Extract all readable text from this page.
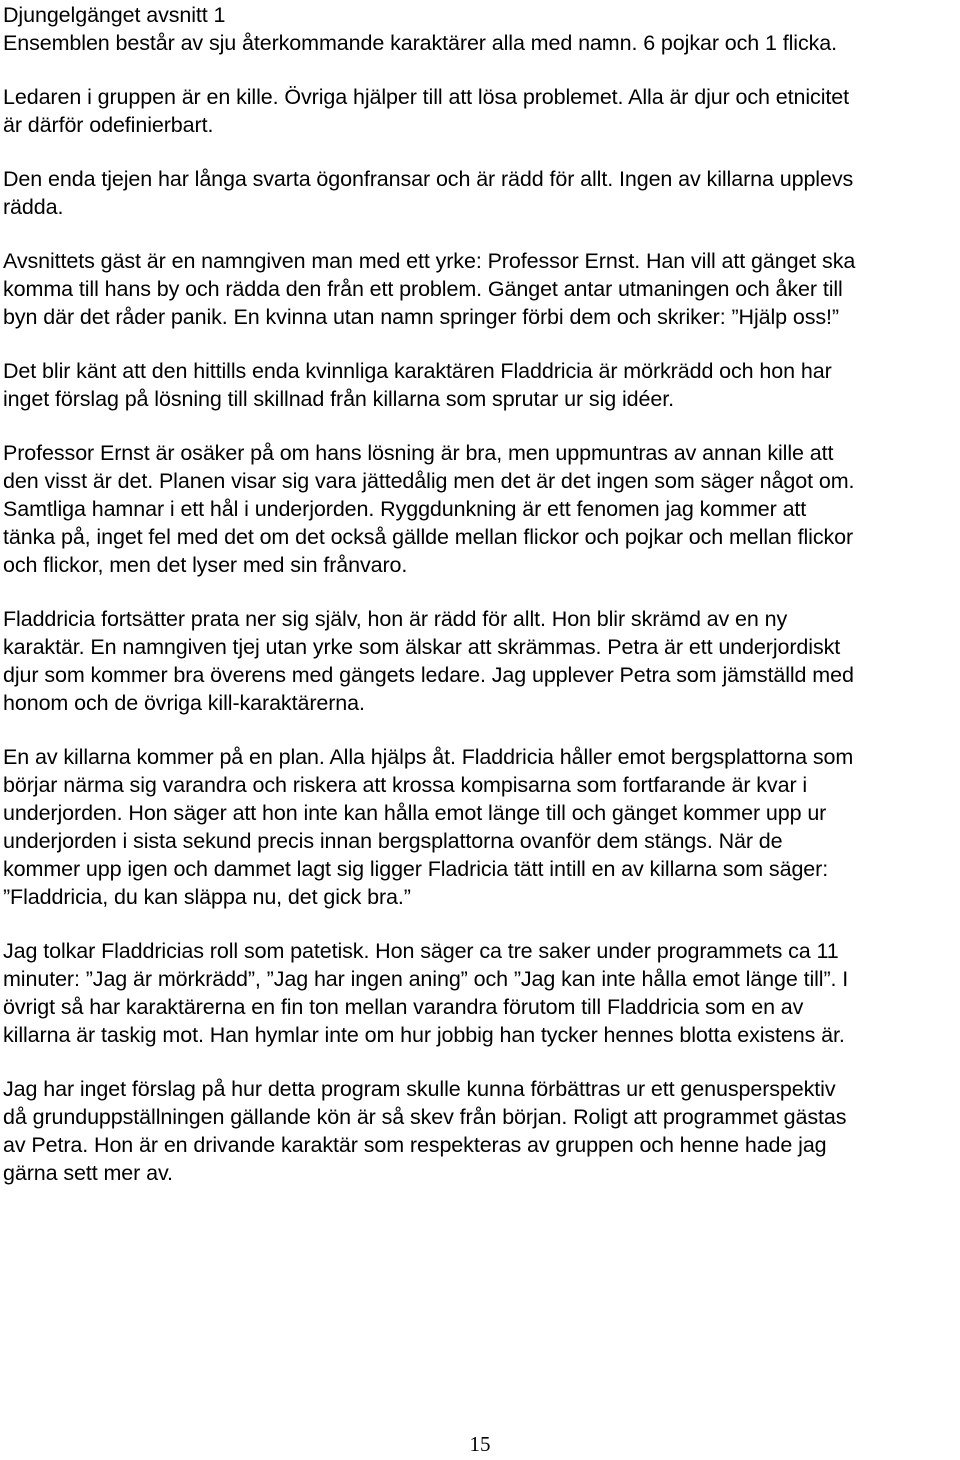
Djungelgänget avsnitt 1
Ensemblen består av sju återkommande karaktärer alla med namn. 6 pojkar och 1 flicka.

Ledaren i gruppen är en kille. Övriga hjälper till att lösa problemet. Alla är djur och etnicitet
är därför odefinierbart.

Den enda tjejen har långa svarta ögonfransar och är rädd för allt. Ingen av killarna upplevs
rädda.

Avsnittets gäst är en namngiven man med ett yrke: Professor Ernst. Han vill att gänget ska
komma till hans by och rädda den från ett problem. Gänget antar utmaningen och åker till
byn där det råder panik. En kvinna utan namn springer förbi dem och skriker: ”Hjälp oss!”

Det blir känt att den hittills enda kvinnliga karaktären Fladdricia är mörkrädd och hon har
inget förslag på lösning till skillnad från killarna som sprutar ur sig idéer.

Professor Ernst är osäker på om hans lösning är bra, men uppmuntras av annan kille att
den visst är det. Planen visar sig vara jättedålig men det är det ingen som säger något om.
Samtliga hamnar i ett hål i underjorden. Ryggdunkning är ett fenomen jag kommer att
tänka på, inget fel med det om det också gällde mellan flickor och pojkar och mellan flickor
och flickor, men det lyser med sin frånvaro.

Fladdricia fortsätter prata ner sig själv, hon är rädd för allt. Hon blir skrämd av en ny
karaktär. En namngiven tjej utan yrke som älskar att skrämmas. Petra är ett underjordiskt
djur som kommer bra överens med gängets ledare. Jag upplever Petra som jämställd med
honom och de övriga kill-karaktärerna.

En av killarna kommer på en plan. Alla hjälps åt. Fladdricia håller emot bergsplattorna som
börjar närma sig varandra och riskera att krossa kompisarna som fortfarande är kvar i
underjorden. Hon säger att hon inte kan hålla emot länge till och gänget kommer upp ur
underjorden i sista sekund precis innan bergsplattorna ovanför dem stängs. När de
kommer upp igen och dammet lagt sig ligger Fladricia tätt intill en av killarna som säger:
”Fladdricia, du kan släppa nu, det gick bra.”

Jag tolkar Fladdricias roll som patetisk. Hon säger ca tre saker under programmets ca 11
minuter: ”Jag är mörkrädd”, ”Jag har ingen aning” och ”Jag kan inte hålla emot länge till”. I
övrigt så har karaktärerna en fin ton mellan varandra förutom till Fladdricia som en av
killarna är taskig mot. Han hymlar inte om hur jobbig han tycker hennes blotta existens är.

Jag har inget förslag på hur detta program skulle kunna förbättras ur ett genusperspektiv
då grunduppställningen gällande kön är så skev från början. Roligt att programmet gästas
av Petra. Hon är en drivande karaktär som respekteras av gruppen och henne hade jag
gärna sett mer av.

15
